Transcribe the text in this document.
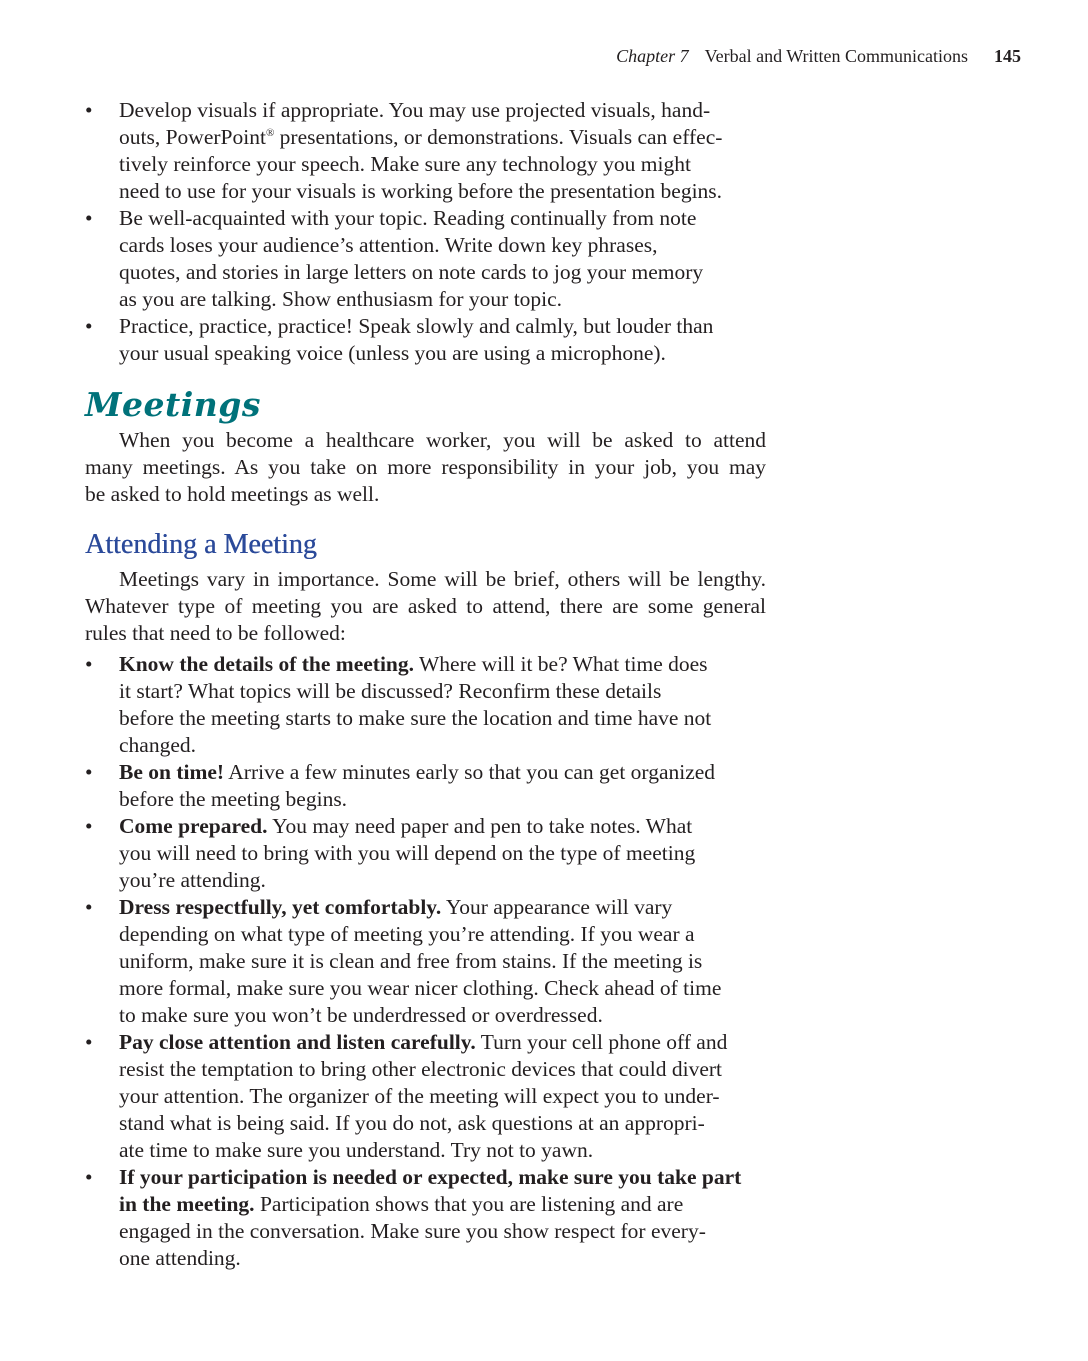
Chapter 7 Verbal and Written Communications 145
• Develop visuals if appropriate. You may use projected visuals, hand-
outs, PowerPoint® presentations, or demonstrations. Visuals can effec-
tively reinforce your speech. Make sure any technology you might
need to use for your visuals is working before the presentation begins.
• Be well-acquainted with your topic. Reading continually from note
cards loses your audience’s attention. Write down key phrases,
quotes, and stories in large letters on note cards to jog your memory
as you are talking. Show enthusiasm for your topic.
• Practice, practice, practice! Speak slowly and calmly, but louder than
your usual speaking voice (unless you are using a microphone).
Meetings
When you become a healthcare worker, you will be asked to attend
many meetings. As you take on more responsibility in your job, you may
be asked to hold meetings as well.
Attending a Meeting
Meetings vary in importance. Some will be brief, others will be lengthy.
Whatever type of meeting you are asked to attend, there are some general
rules that need to be followed:
• Know the details of the meeting. Where will it be? What time does
it start? What topics will be discussed? Reconfirm these details
before the meeting starts to make sure the location and time have not
changed.
• Be on time! Arrive a few minutes early so that you can get organized
before the meeting begins.
• Come prepared. You may need paper and pen to take notes. What
you will need to bring with you will depend on the type of meeting
you’re attending.
• Dress respectfully, yet comfortably. Your appearance will vary
depending on what type of meeting you’re attending. If you wear a
uniform, make sure it is clean and free from stains. If the meeting is
more formal, make sure you wear nicer clothing. Check ahead of time
to make sure you won’t be underdressed or overdressed.
• Pay close attention and listen carefully. Turn your cell phone off and
resist the temptation to bring other electronic devices that could divert
your attention. The organizer of the meeting will expect you to under-
stand what is being said. If you do not, ask questions at an appropri-
ate time to make sure you understand. Try not to yawn.
• If your participation is needed or expected, make sure you take part
in the meeting. Participation shows that you are listening and are
engaged in the conversation. Make sure you show respect for every-
one attending.
